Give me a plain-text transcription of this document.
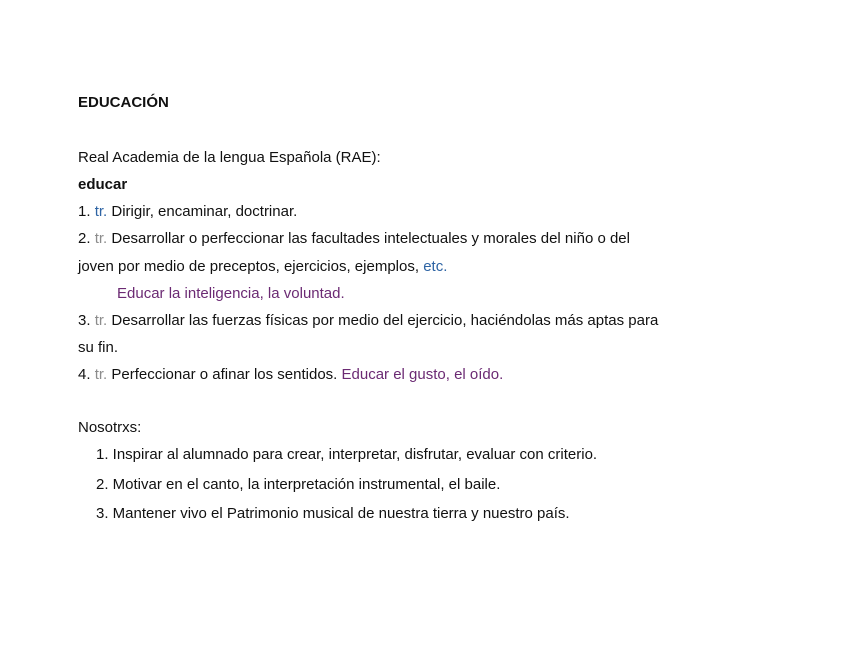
EDUCACIÓN

Real Academia de la lengua Española (RAE):

educar

1. tr. Dirigir, encaminar, doctrinar.

2. tr. Desarrollar o perfeccionar las facultades intelectuales y morales del niño o del

joven por medio de preceptos, ejercicios, ejemplos, etc.

Educar la inteligencia, la voluntad.

3. tr. Desarrollar las fuerzas físicas por medio del ejercicio, haciéndolas más aptas para

su fin.

4. tr. Perfeccionar o afinar los sentidos. Educar el gusto, el oído.

Nosotrxs:

1. Inspirar al alumnado para crear, interpretar, disfrutar, evaluar con criterio.

2. Motivar en el canto, la interpretación instrumental, el baile.

3. Mantener vivo el Patrimonio musical de nuestra tierra y nuestro país.
